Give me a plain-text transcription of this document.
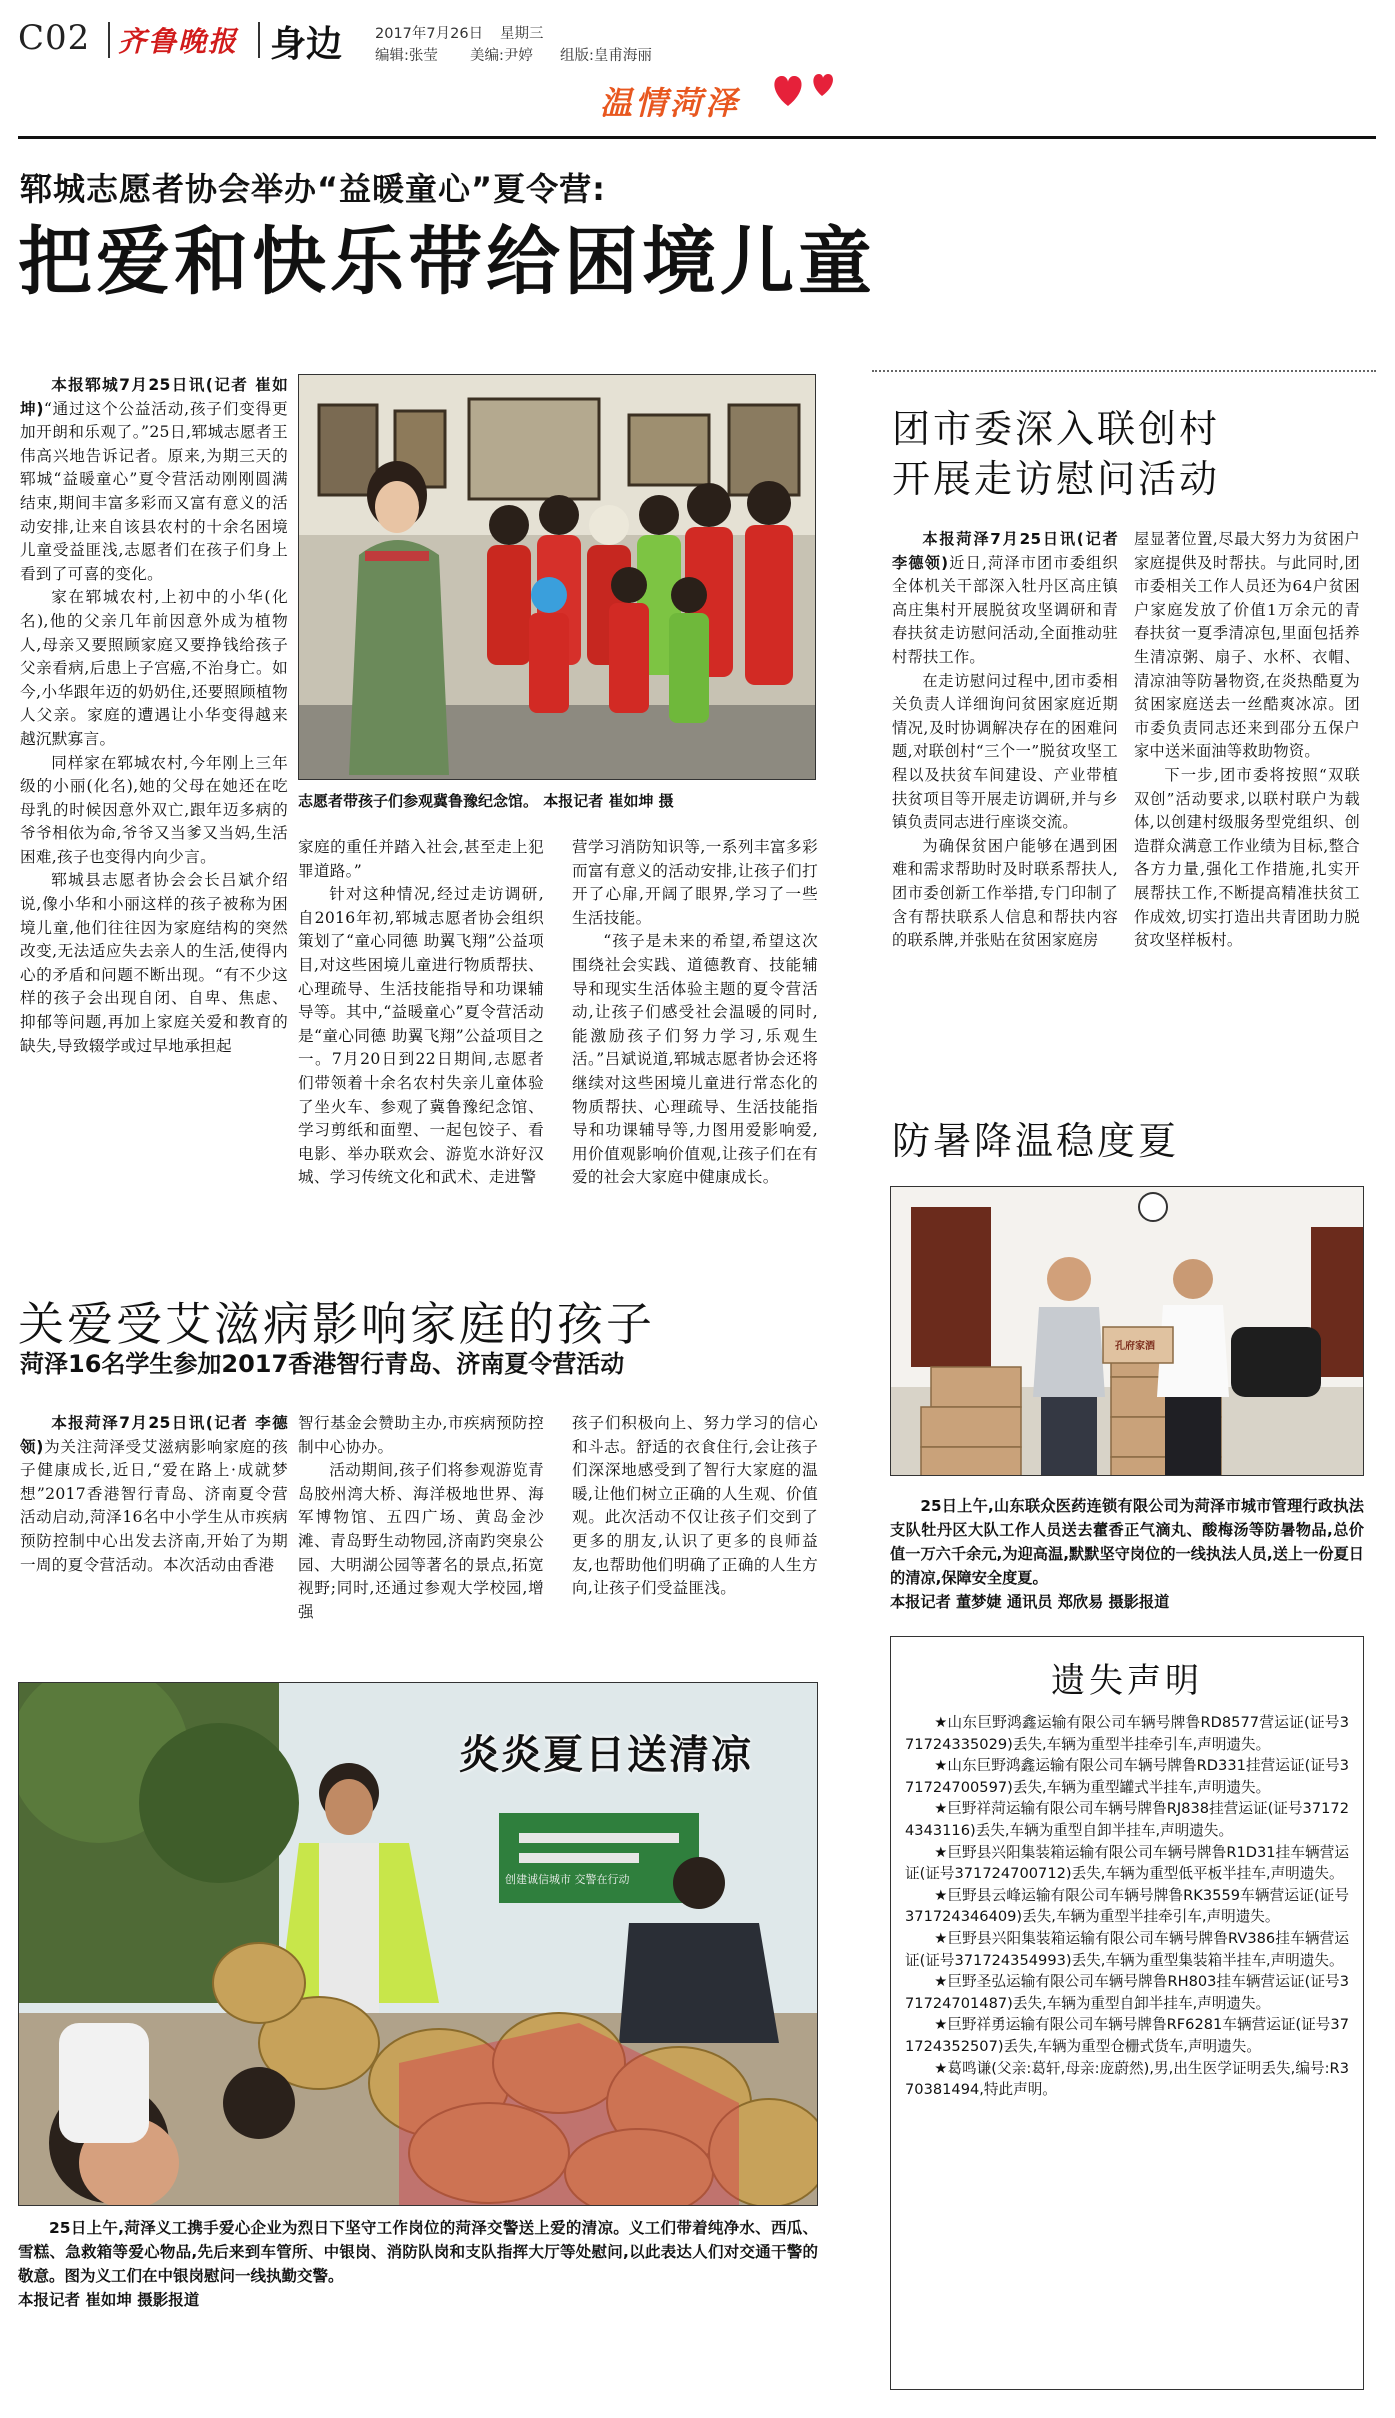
C02 齐鲁晚报 身边 2017年7月26日 星期三
编辑:张莹 美编:尹婷 组版:皇甫海丽
温情菏泽
郓城志愿者协会举办“益暖童心”夏令营:
把爱和快乐带给困境儿童
志愿者带孩子们参观冀鲁豫纪念馆。 本报记者 崔如坤 摄

本报郓城7月25日讯(记者 崔如坤)“通过这个公益活动,孩子们变得更加开朗和乐观了。”25日,郓城志愿者王伟高兴地告诉记者。原来,为期三天的郓城“益暖童心”夏令营活动刚刚圆满结束,期间丰富多彩而又富有意义的活动安排,让来自该县农村的十余名困境儿童受益匪浅,志愿者们在孩子们身上看到了可喜的变化。

家在郓城农村,上初中的小华(化名),他的父亲几年前因意外成为植物人,母亲又要照顾家庭又要挣钱给孩子父亲看病,后患上子宫癌,不治身亡。如今,小华跟年迈的奶奶住,还要照顾植物人父亲。家庭的遭遇让小华变得越来越沉默寡言。

同样家在郓城农村,今年刚上三年级的小丽(化名),她的父母在她还在吃母乳的时候因意外双亡,跟年迈多病的爷爷相依为命,爷爷又当爹又当妈,生活困难,孩子也变得内向少言。

郓城县志愿者协会会长吕斌介绍说,像小华和小丽这样的孩子被称为困境儿童,他们往往因为家庭结构的突然改变,无法适应失去亲人的生活,使得内心的矛盾和问题不断出现。“有不少这样的孩子会出现自闭、自卑、焦虑、抑郁等问题,再加上家庭关爱和教育的缺失,导致辍学或过早地承担起

家庭的重任并踏入社会,甚至走上犯罪道路。”

针对这种情况,经过走访调研,自2016年初,郓城志愿者协会组织策划了“童心同德 助翼飞翔”公益项目,对这些困境儿童进行物质帮扶、心理疏导、生活技能指导和功课辅导等。其中,“益暖童心”夏令营活动是“童心同德 助翼飞翔”公益项目之一。7月20日到22日期间,志愿者们带领着十余名农村失亲儿童体验了坐火车、参观了冀鲁豫纪念馆、学习剪纸和面塑、一起包饺子、看电影、举办联欢会、游览水浒好汉城、学习传统文化和武术、走进警

营学习消防知识等,一系列丰富多彩而富有意义的活动安排,让孩子们打开了心扉,开阔了眼界,学习了一些生活技能。

“孩子是未来的希望,希望这次围绕社会实践、道德教育、技能辅导和现实生活体验主题的夏令营活动,让孩子们感受社会温暖的同时,能激励孩子们努力学习,乐观生活。”吕斌说道,郓城志愿者协会还将继续对这些困境儿童进行常态化的物质帮扶、心理疏导、生活技能指导和功课辅导等,力图用爱影响爱,用价值观影响价值观,让孩子们在有爱的社会大家庭中健康成长。

关爱受艾滋病影响家庭的孩子
菏泽16名学生参加2017香港智行青岛、济南夏令营活动

本报菏泽7月25日讯(记者 李德领)为关注菏泽受艾滋病影响家庭的孩子健康成长,近日,“爱在路上·成就梦想”2017香港智行青岛、济南夏令营活动启动,菏泽16名中小学生从市疾病预防控制中心出发去济南,开始了为期一周的夏令营活动。本次活动由香港

智行基金会赞助主办,市疾病预防控制中心协办。

活动期间,孩子们将参观游览青岛胶州湾大桥、海洋极地世界、海军博物馆、五四广场、黄岛金沙滩、青岛野生动物园,济南趵突泉公园、大明湖公园等著名的景点,拓宽视野;同时,还通过参观大学校园,增强

孩子们积极向上、努力学习的信心和斗志。舒适的衣食住行,会让孩子们深深地感受到了智行大家庭的温暖,让他们树立正确的人生观、价值观。此次活动不仅让孩子们交到了更多的朋友,认识了更多的良师益友,也帮助他们明确了正确的人生方向,让孩子们受益匪浅。

炎炎夏日送清凉
创建诚信城市 交警在行动
25日上午,菏泽义工携手爱心企业为烈日下坚守工作岗位的菏泽交警送上爱的清凉。义工们带着纯净水、西瓜、雪糕、急救箱等爱心物品,先后来到车管所、中银岗、消防队岗和支队指挥大厅等处慰问,以此表达人们对交通干警的敬意。图为义工们在中银岗慰问一线执勤交警。
本报记者 崔如坤 摄影报道
团市委深入联创村
开展走访慰问活动

本报菏泽7月25日讯(记者 李德领)近日,菏泽市团市委组织全体机关干部深入牡丹区高庄镇高庄集村开展脱贫攻坚调研和青春扶贫走访慰问活动,全面推动驻村帮扶工作。

在走访慰问过程中,团市委相关负责人详细询问贫困家庭近期情况,及时协调解决存在的困难问题,对联创村“三个一”脱贫攻坚工程以及扶贫车间建设、产业带植扶贫项目等开展走访调研,并与乡镇负责同志进行座谈交流。

为确保贫困户能够在遇到困难和需求帮助时及时联系帮扶人,团市委创新工作举措,专门印制了含有帮扶联系人信息和帮扶内容的联系牌,并张贴在贫困家庭房

屋显著位置,尽最大努力为贫困户家庭提供及时帮扶。与此同时,团市委相关工作人员还为64户贫困户家庭发放了价值1万余元的青春扶贫一夏季清凉包,里面包括养生清凉粥、扇子、水杯、衣帽、清凉油等防暑物资,在炎热酷夏为贫困家庭送去一丝酷爽冰凉。团市委负责同志还来到邵分五保户家中送米面油等救助物资。

下一步,团市委将按照“双联双创”活动要求,以联村联户为载体,以创建村级服务型党组织、创造群众满意工作业绩为目标,整合各方力量,强化工作措施,扎实开展帮扶工作,不断提高精准扶贫工作成效,切实打造出共青团助力脱贫攻坚样板村。

防暑降温稳度夏
孔府家酒
25日上午,山东联众医药连锁有限公司为菏泽市城市管理行政执法支队牡丹区大队工作人员送去藿香正气滴丸、酸梅汤等防暑物品,总价值一万六千余元,为迎高温,默默坚守岗位的一线执法人员,送上一份夏日的清凉,保障安全度夏。
本报记者 董梦婕 通讯员 郑欣易 摄影报道
遗失声明

★山东巨野鸿鑫运输有限公司车辆号牌鲁RD8577营运证(证号371724335029)丢失,车辆为重型半挂牵引车,声明遗失。

★山东巨野鸿鑫运输有限公司车辆号牌鲁RD331挂营运证(证号371724700597)丢失,车辆为重型罐式半挂车,声明遗失。

★巨野祥菏运输有限公司车辆号牌鲁RJ838挂营运证(证号371724343116)丢失,车辆为重型自卸半挂车,声明遗失。

★巨野县兴阳集装箱运输有限公司车辆号牌鲁R1D31挂车辆营运证(证号371724700712)丢失,车辆为重型低平板半挂车,声明遗失。

★巨野县云峰运输有限公司车辆号牌鲁RK3559车辆营运证(证号371724346409)丢失,车辆为重型半挂牵引车,声明遗失。

★巨野县兴阳集装箱运输有限公司车辆号牌鲁RV386挂车辆营运证(证号371724354993)丢失,车辆为重型集装箱半挂车,声明遗失。

★巨野圣弘运输有限公司车辆号牌鲁RH803挂车辆营运证(证号371724701487)丢失,车辆为重型自卸半挂车,声明遗失。

★巨野祥勇运输有限公司车辆号牌鲁RF6281车辆营运证(证号371724352507)丢失,车辆为重型仓栅式货车,声明遗失。

★葛鸣谦(父亲:葛轩,母亲:庞蔚然),男,出生医学证明丢失,编号:R370381494,特此声明。
